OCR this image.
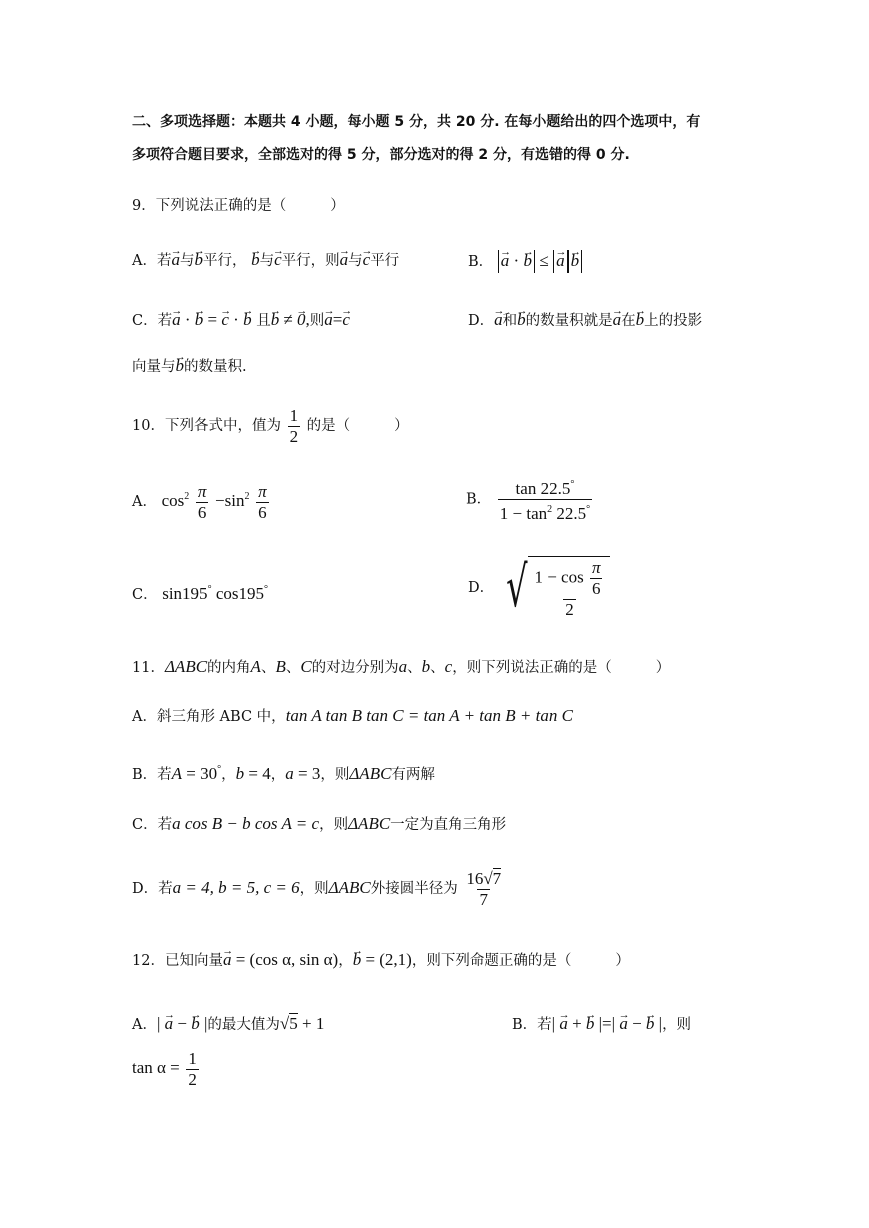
二、多项选择题：本题共 4 小题，每小题 5 分，共 20 分. 在每小题给出的四个选项中，有
多项符合题目要求，全部选对的得 5 分，部分选对的得 2 分，有选错的得 0 分.
9．下列说法正确的是（	）
A．若→ a与→ b平行， → b与→ c平行，则→ a与→ c平行	B． → a · → b ≤ → a → b
C．若→ a · → b = → c · → b 且→ b ≠ → 0,则→ a=→ c	D．→ a和→ b的数量积就是→ a在→ b上的投影
向量与→ b的数量积.
10．下列各式中，值为 $\frac{1}{2}$ 的是（	）
A． $\cos^2 \frac{\pi}{6} -\sin^2 \frac{\pi}{6}$	B． $\frac{\tan 22.5^\circ}{1 - \tan^2 22.5^\circ}$
C． sin195° cos195°	D． √ $\frac{1 - \cos \frac{\pi}{6}}{2}$
11．ΔABC的内角A、B、C的对边分别为a、b、c，则下列说法正确的是（	）
A．斜三角形 ABC 中，tan A tan B tan C = tan A + tan B + tan C
B．若A = 30°，b = 4，a = 3，则ΔABC有两解
C．若a cos B − b cos A = c，则ΔABC一定为直角三角形
D．若a = 4, b = 5, c = 6，则ΔABC外接圆半径为 $\frac{16√7}{7}$
12．已知向量→ a = (cos α, sin α)，→ b = (2,1)，则下列命题正确的是（	）
A．| → a − → b |的最大值为√5 + 1	B．若| → a + → b |=| → a − → b |，则
$\tan \alpha = \frac{1}{2}$
